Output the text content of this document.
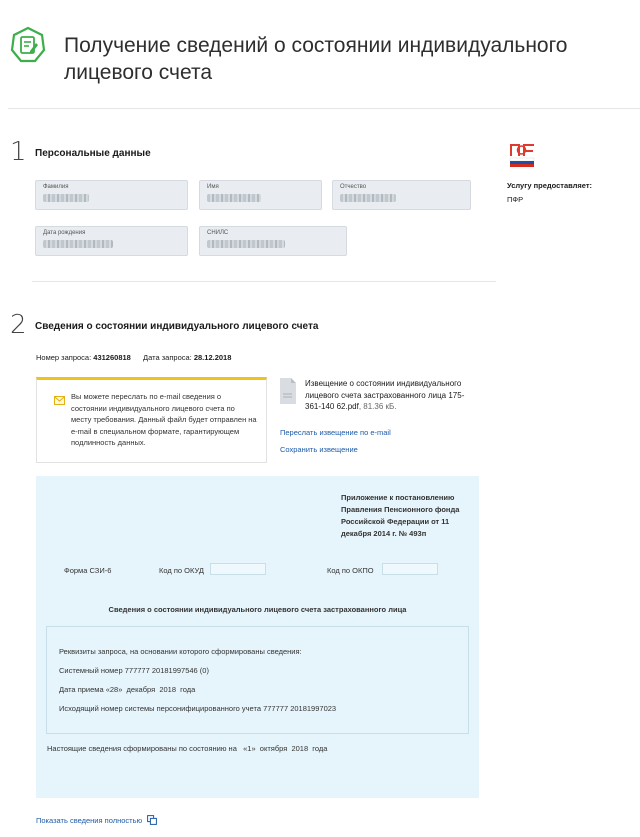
Получение сведений о состоянии индивидуального лицевого счета
1 Персональные данные
Фамилия	Имя	Отчество
Дата рождения	СНИЛС
Услугу предоставляет:
ПФР
2 Сведения о состоянии индивидуального лицевого счета
Номер запроса: 431260818 Дата запроса: 28.12.2018
Вы можете переслать по e-mail сведения о состоянии индивидуального лицевого счета по месту требования. Данный файл будет отправлен на e-mail в специальном формате, гарантирующем подлинность данных.
Извещение о состоянии индивидуального лицевого счета застрахованного лица 175-361-140 62.pdf, 81.36 кБ.
Переслать извещение по e-mail
Сохранить извещение
Приложение к постановлению Правления Пенсионного фонда Российской Федерации от 11 декабря 2014 г. № 493п
Форма СЗИ-6	Код по ОКУД	Код по ОКПО
Сведения о состоянии индивидуального лицевого счета застрахованного лица
Реквизиты запроса, на основании которого сформированы сведения:
Системный номер 777777 20181997546 (0)
Дата приема «28»  декабря  2018  года
Исходящий номер системы персонифицированного учета 777777 20181997023
Настоящие сведения сформированы по состоянию на   «1»  октября  2018  года
Показать сведения полностью
